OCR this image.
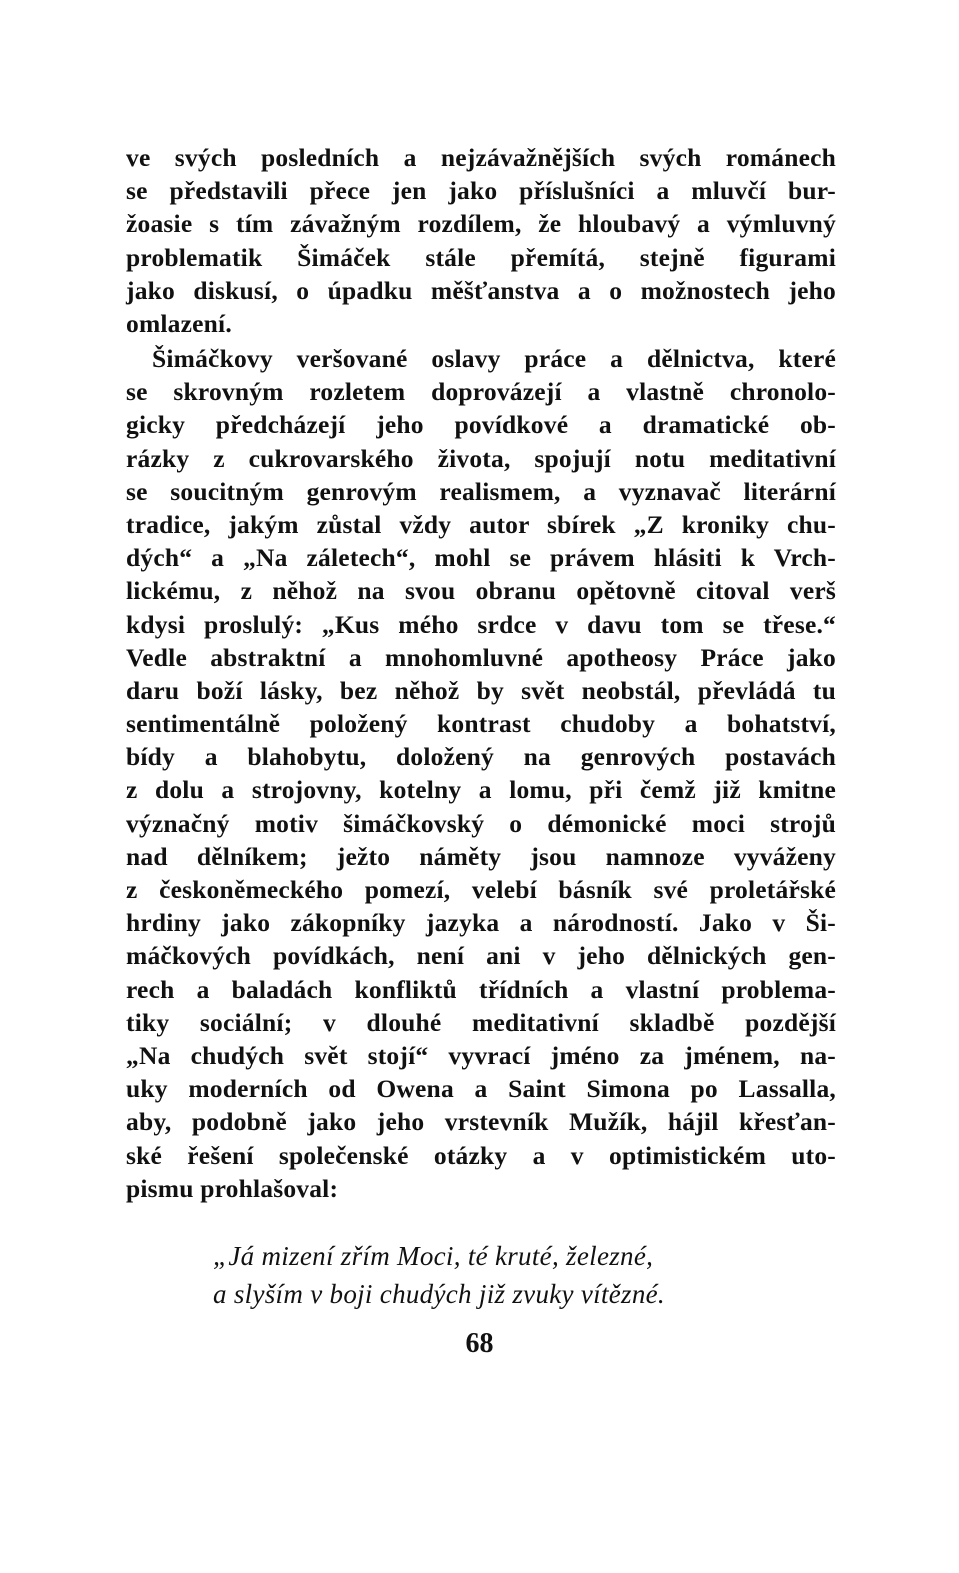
ve svých posledních a nejzávažnějších svých románech
se představili přece jen jako příslušníci a mluvčí bur-
žoasie s tím závažným rozdílem, že hloubavý a výmluvný
problematik Šimáček stále přemítá, stejně figurami
jako diskusí, o úpadku měšťanstva a o možnostech jeho
omlazení.
Šimáčkovy veršované oslavy práce a dělnictva, které
se skrovným rozletem doprovázejí a vlastně chronolo-
gicky předcházejí jeho povídkové a dramatické ob-
rázky z cukrovarského života, spojují notu meditativní
se soucitným genrovým realismem, a vyznavač literární
tradice, jakým zůstal vždy autor sbírek „Z kroniky chu-
dých“ a „Na záletech“, mohl se právem hlásiti k Vrch-
lickému, z něhož na svou obranu opětovně citoval verš
kdysi proslulý: „Kus mého srdce v davu tom se třese.“
Vedle abstraktní a mnohomluvné apotheosy Práce jako
daru boží lásky, bez něhož by svět neobstál, převládá tu
sentimentálně položený kontrast chudoby a bohatství,
bídy a blahobytu, doložený na genrových postavách
z dolu a strojovny, kotelny a lomu, při čemž již kmitne
význačný motiv šimáčkovský o démonické moci strojů
nad dělníkem; ježto náměty jsou namnoze vyváženy
z českoněmeckého pomezí, velebí básník své proletářské
hrdiny jako zákopníky jazyka a národností. Jako v Ši-
máčkových povídkách, není ani v jeho dělnických gen-
rech a baladách konfliktů třídních a vlastní problema-
tiky sociální; v dlouhé meditativní skladbě pozdější
„Na chudých svět stojí“ vyvrací jméno za jménem, na-
uky moderních od Owena a Saint Simona po Lassalla,
aby, podobně jako jeho vrstevník Mužík, hájil křesťan-
ské řešení společenské otázky a v optimistickém uto-
pismu prohlašoval:
„Já mizení zřím Moci, té kruté, železné,
a slyším v boji chudých již zvuky vítězné.
68
